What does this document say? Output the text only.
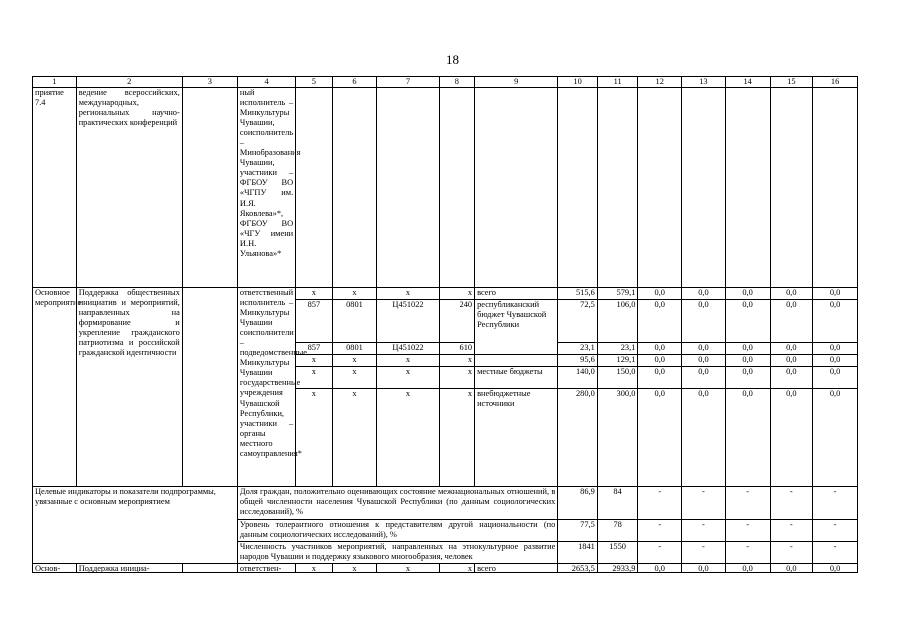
18
1	2	3	4	5	6	7	8	9	10	11	12	13	14	15	16
приятие 7.4	ведение всероссийских, международных, региональных научно-практических конференций		ный исполнитель – Минкультуры Чувашии, соисполнитель – Минобразования Чувашии, участники – ФГБОУ ВО «ЧГПУ им. И.Я. Яковлева»*, ФГБОУ ВО «ЧГУ имени И.Н. Ульянова»*												
Основное мероприятие	Поддержка общественных инициатив и мероприятий, направленных на формирование и укрепление гражданского патриотизма и российской гражданской идентичности		ответственный исполнитель – Минкультуры Чувашии соисполнители – подведомственные Минкультуры Чувашии государственные учреждения Чувашской Республики, участники – органы местного самоуправления*	x	x	x	x	всего	515,6	579,1	0,0	0,0	0,0	0,0	0,0
				857	0801	Ц451022	240	республиканский бюджет Чувашской Республики	72,5	106,0	0,0	0,0	0,0	0,0	0,0
				857	0801	Ц451022	610		23,1	23,1	0,0	0,0	0,0	0,0	0,0
				x	x	x	x		95,6	129,1	0,0	0,0	0,0	0,0	0,0
				x	x	x	x	местные бюджеты	140,0	150,0	0,0	0,0	0,0	0,0	0,0
				x	x	x	x	внебюджетные источники	280,0	300,0	0,0	0,0	0,0	0,0	0,0
Целевые индикаторы и показатели подпрограммы, увязанные с основным мероприятием			Доля граждан, положительно оценивающих состояние межнациональных отношений, в общей численности населения Чувашской Республики (по данным социологических исследований), %						86,9	84	-	-	-	-	-
			Уровень толерантного отношения к представителям другой национальности (по данным социологических исследований), %						77,5	78	-	-	-	-	-
			Численность участников мероприятий, направленных на этнокультурное развитие народов Чувашии и поддержку языкового многообразия, человек						1841	1550	-	-	-	-	-

Основ-	Поддержка инициа-		ответствен-	x	x	x	x	всего	2653,5	2933,9	0,0	0,0	0,0	0,0	0,0
